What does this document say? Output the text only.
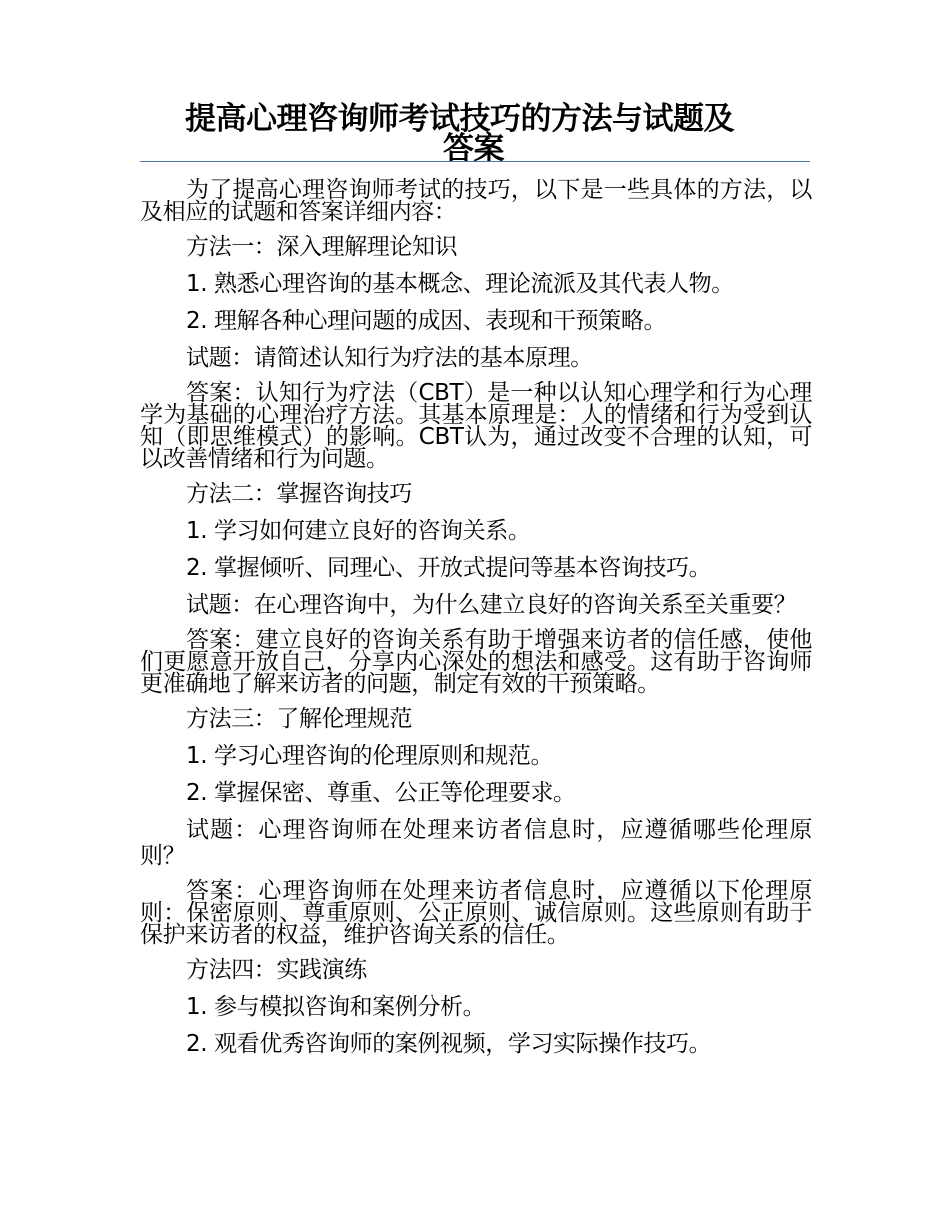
提高心理咨询师考试技巧的方法与试题及
答案

为了提高心理咨询师考试的技巧，以下是一些具体的方法，以及相应的试题和答案详细内容：

方法一：深入理解理论知识

1. 熟悉心理咨询的基本概念、理论流派及其代表人物。

2. 理解各种心理问题的成因、表现和干预策略。

试题：请简述认知行为疗法的基本原理。

答案：认知行为疗法（CBT）是一种以认知心理学和行为心理学为基础的心理治疗方法。其基本原理是：人的情绪和行为受到认知（即思维模式）的影响。CBT认为，通过改变不合理的认知，可以改善情绪和行为问题。

方法二：掌握咨询技巧

1. 学习如何建立良好的咨询关系。

2. 掌握倾听、同理心、开放式提问等基本咨询技巧。

试题：在心理咨询中，为什么建立良好的咨询关系至关重要？

答案：建立良好的咨询关系有助于增强来访者的信任感，使他们更愿意开放自己，分享内心深处的想法和感受。这有助于咨询师更准确地了解来访者的问题，制定有效的干预策略。

方法三：了解伦理规范

1. 学习心理咨询的伦理原则和规范。

2. 掌握保密、尊重、公正等伦理要求。

试题：心理咨询师在处理来访者信息时，应遵循哪些伦理原则？

答案：心理咨询师在处理来访者信息时，应遵循以下伦理原则：保密原则、尊重原则、公正原则、诚信原则。这些原则有助于保护来访者的权益，维护咨询关系的信任。

方法四：实践演练

1. 参与模拟咨询和案例分析。

2. 观看优秀咨询师的案例视频，学习实际操作技巧。
